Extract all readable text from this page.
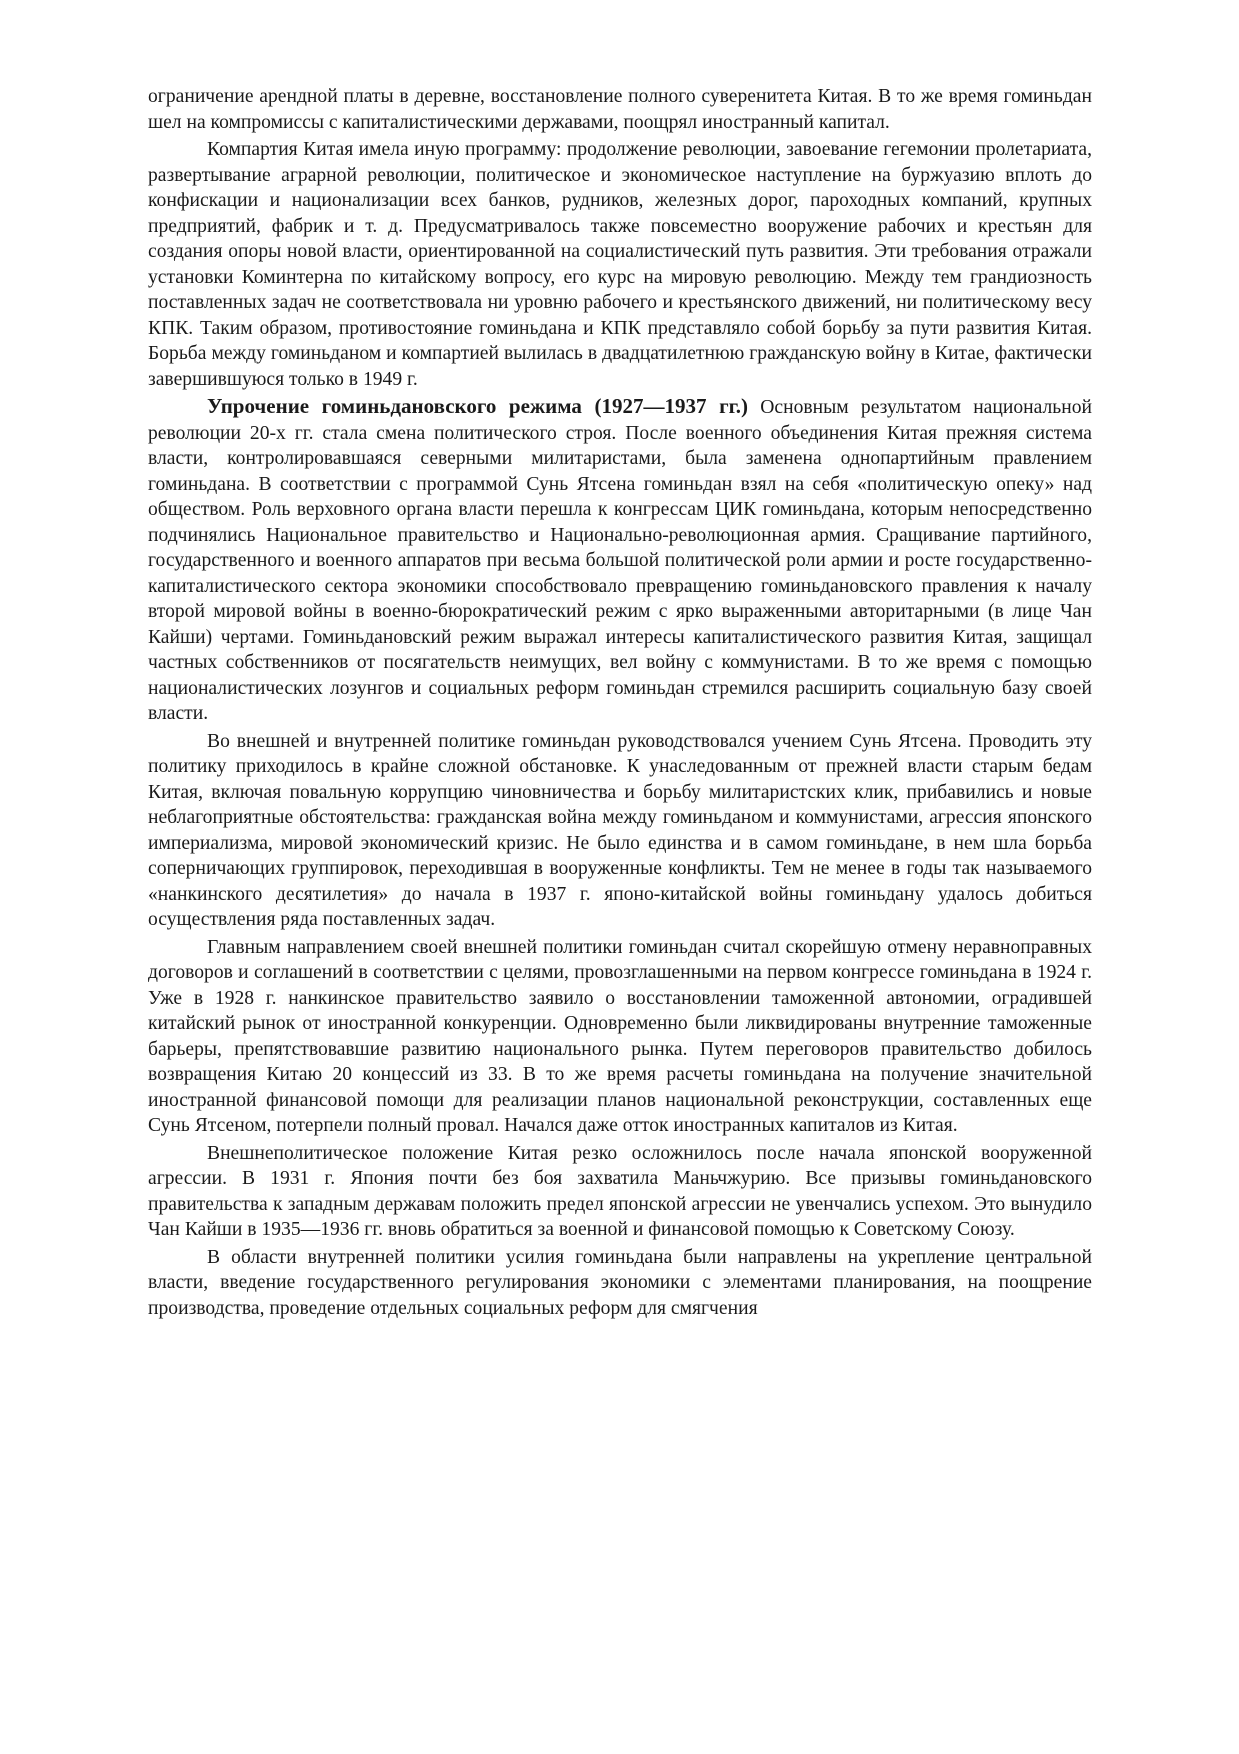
ограничение арендной платы в деревне, восстановление полного суверенитета Китая. В то же время гоминьдан шел на компромиссы с капиталистическими державами, поощрял иностранный капитал.

Компартия Китая имела иную программу: продолжение революции, завоевание гегемонии пролетариата, развертывание аграрной революции, политическое и экономическое наступление на буржуазию вплоть до конфискации и национализации всех банков, рудников, железных дорог, пароходных компаний, крупных предприятий, фабрик и т. д. Предусматривалось также повсеместно вооружение рабочих и крестьян для создания опоры новой власти, ориентированной на социалистический путь развития. Эти требования отражали установки Коминтерна по китайскому вопросу, его курс на мировую революцию. Между тем грандиозность поставленных задач не соответствовала ни уровню рабочего и крестьянского движений, ни политическому весу КПК. Таким образом, противостояние гоминьдана и КПК представляло собой борьбу за пути развития Китая. Борьба между гоминьданом и компартией вылилась в двадцатилетнюю гражданскую войну в Китае, фактически завершившуюся только в 1949 г.

Упрочение гоминьдановского режима (1927—1937 гг.) Основным результатом национальной революции 20-х гг. стала смена политического строя. После военного объединения Китая прежняя система власти, контролировавшаяся северными милитаристами, была заменена однопартийным правлением гоминьдана. В соответствии с программой Сунь Ятсена гоминьдан взял на себя «политическую опеку» над обществом. Роль верховного органа власти перешла к конгрессам ЦИК гоминьдана, которым непосредственно подчинялись Национальное правительство и Национально-революционная армия. Сращивание партийного, государственного и военного аппаратов при весьма большой политической роли армии и росте государственно-капиталистического сектора экономики способствовало превращению гоминьдановского правления к началу второй мировой войны в военно-бюрократический режим с ярко выраженными авторитарными (в лице Чан Кайши) чертами. Гоминьдановский режим выражал интересы капиталистического развития Китая, защищал частных собственников от посягательств неимущих, вел войну с коммунистами. В то же время с помощью националистических лозунгов и социальных реформ гоминьдан стремился расширить социальную базу своей власти.

Во внешней и внутренней политике гоминьдан руководствовался учением Сунь Ятсена. Проводить эту политику приходилось в крайне сложной обстановке. К унаследованным от прежней власти старым бедам Китая, включая повальную коррупцию чиновничества и борьбу милитаристских клик, прибавились и новые неблагоприятные обстоятельства: гражданская война между гоминьданом и коммунистами, агрессия японского империализма, мировой экономический кризис. Не было единства и в самом гоминьдане, в нем шла борьба соперничающих группировок, переходившая в вооруженные конфликты. Тем не менее в годы так называемого «нанкинского десятилетия» до начала в 1937 г. японо-китайской войны гоминьдану удалось добиться осуществления ряда поставленных задач.

Главным направлением своей внешней политики гоминьдан считал скорейшую отмену неравноправных договоров и соглашений в соответствии с целями, провозглашенными на первом конгрессе гоминьдана в 1924 г. Уже в 1928 г. нанкинское правительство заявило о восстановлении таможенной автономии, оградившей китайский рынок от иностранной конкуренции. Одновременно были ликвидированы внутренние таможенные барьеры, препятствовавшие развитию национального рынка. Путем переговоров правительство добилось возвращения Китаю 20 концессий из 33. В то же время расчеты гоминьдана на получение значительной иностранной финансовой помощи для реализации планов национальной реконструкции, составленных еще Сунь Ятсеном, потерпели полный провал. Начался даже отток иностранных капиталов из Китая.

Внешнеполитическое положение Китая резко осложнилось после начала японской вооруженной агрессии. В 1931 г. Япония почти без боя захватила Маньчжурию. Все призывы гоминьдановского правительства к западным державам положить предел японской агрессии не увенчались успехом. Это вынудило Чан Кайши в 1935—1936 гг. вновь обратиться за военной и финансовой помощью к Советскому Союзу.

В области внутренней политики усилия гоминьдана были направлены на укрепление центральной власти, введение государственного регулирования экономики с элементами планирования, на поощрение производства, проведение отдельных социальных реформ для смягчения
